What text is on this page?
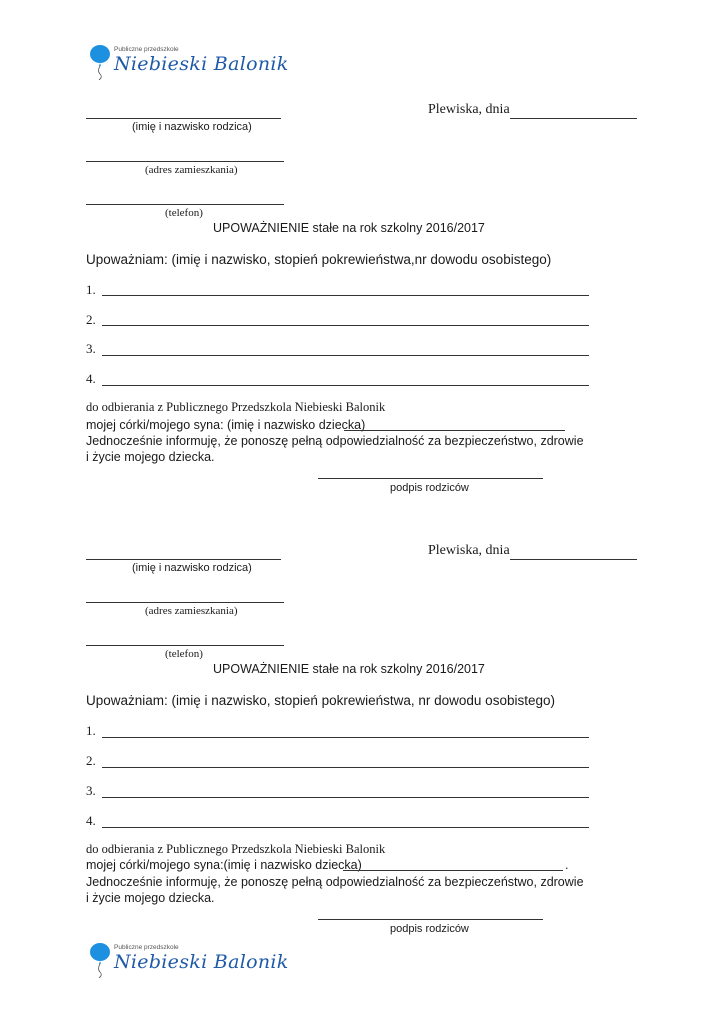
Publiczne przedszkole
Niebieski Balonik
Plewiska, dnia
(imię i nazwisko rodzica)
(adres zamieszkania)
(telefon)
UPOWAŻNIENIE stałe na rok szkolny 2016/2017
Upoważniam: (imię i nazwisko, stopień pokrewieństwa,nr dowodu osobistego)
1.
2.
3.
4.
do odbierania z Publicznego Przedszkola Niebieski Balonik
mojej córki/mojego syna: (imię i nazwisko dziecka)
Jednocześnie informuję, że ponoszę pełną odpowiedzialność za bezpieczeństwo, zdrowie
i życie mojego dziecka.
podpis rodziców
Plewiska, dnia
(imię i nazwisko rodzica)
(adres zamieszkania)
(telefon)
UPOWAŻNIENIE stałe na rok szkolny 2016/2017
Upoważniam: (imię i nazwisko, stopień pokrewieństwa, nr dowodu osobistego)
1.
2.
3.
4.
do odbierania z Publicznego Przedszkola Niebieski Balonik
mojej córki/mojego syna:(imię i nazwisko dziecka)	.
Jednocześnie informuję, że ponoszę pełną odpowiedzialność za bezpieczeństwo, zdrowie
i życie mojego dziecka.
podpis rodziców
Publiczne przedszkole
Niebieski Balonik
